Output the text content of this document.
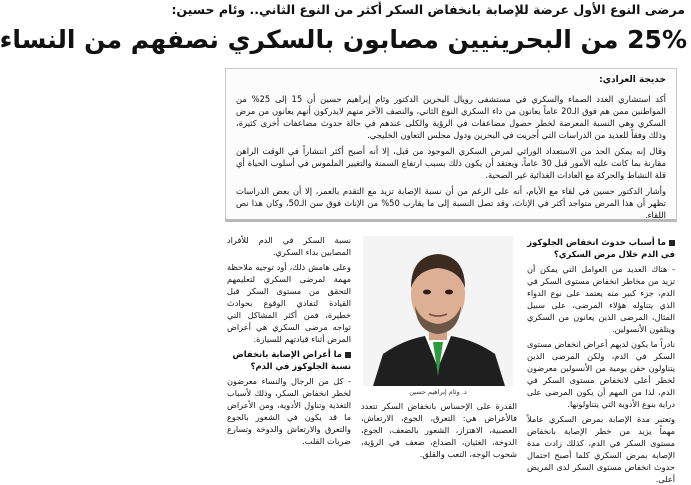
مرضى النوع الأول عرضة للإصابة بانخفاض السكر أكثر من النوع الثاني.. وئام حسين:
25% من البحرينيين مصابون بالسكري نصفهم من النساء
خديجة العرادي:

أكد استشاري الغدد الصماء والسكري في مستشفى رويال البحرين الدكتور وئام إبراهيم حسين أن 15 إلى 25% من المواطنين ممن هم فوق الـ20 عاماً يعانون من داء السكري النوع الثاني، والنصف الآخر منهم لايدركون أنهم يعانون من مرض السكري وهي النسبة المعرضة لخطر حصول مضاعفات في الرؤية والكلى عندهم في حالة حدوث مضاعفات أخرى كثيرة، وذلك وفقاً للعديد من الدراسات التي أجريت في البحرين ودول مجلس التعاون الخليجي.

وقال إنه يمكن الحد من الاستعداد الوراثي لمرض السكري الموجود من قبل، إلا أنه أصبح أكثر انتشاراً في الوقت الراهن مقارنة بما كانت عليه الأمور قبل 30 عاماً، ويعتقد أن يكون ذلك بسبب ارتفاع السمنة والتغيير الملموس في أسلوب الحياة أي قلة النشاط والحركة مع العادات الغذائية غير الصحية.

وأشار الدكتور حسين في لقاء مع الأيام، أنه على الرغم من أن نسبة الإصابة تزيد مع التقدم بالعمر، إلا أن بعض الدراسات تظهر أن هذا المرض متواجد أكثر في الإناث، وقد تصل النسبة إلى ما يقارب 50% من الإناث فوق سن الـ50، وكان هذا نص اللقاء.

ما أسباب حدوث انخفاض الجلوكوز في الدم خلال مرض السكري؟

- هناك العديد من العوامل التي يمكن أن تزيد من مخاطر انخفاض مستوى السكر في الدم، جزء كبير منه يعتمد على نوع الدواء الذي يتناوله هؤلاء المرضى، على سبيل المثال، المرضى الذين يعانون من السكري ويتلقون الأنسولين.

نادراً ما يكون لديهم أعراض انخفاض مستوى السكر في الدم، ولكن المرضى الذين يتناولون حقن يومية من الأنسولين معرضون لخطر أعلى لانخفاض مستوى السكر في الدم، لذا من المهم أن يكون المرضى على دراية بنوع الأدوية التي يتناولونها.

وتعتبر مدة الإصابة بمرض السكري عاملاً مهماً يزيد من خطر الإصابة بانخفاض مستوى السكر في الدم، كذلك زادت مدة الإصابة بمرض السكري كلما أصبح احتمال حدوث انخفاض مستوى السكر لدى المريض أعلى.

د. وئام إبراهيم حسين

القدرة على الإحساس بانخفاض السكر تتعدد فالأعراض هي: التعرق، الجوع، الارتعاش، العصبية، الاهتزاز، الشعور بالضعف، الجوع، الدوخة، الغثيان، الصداع، ضعف في الرؤية، شحوب الوجه، التعب والقلق.

نسبة السكر في الدم للأفراد المصابين بداء السكري.

وعلى هامش ذلك، أود توجيه ملاحظة مهمة لمرضى السكري لتعليمهم التحقق من مستوى السكر قبل القيادة لتفادي الوقوع بحوادث خطيرة، فمن أكثر المشاكل التي تواجه مرضى السكري هي أعراض المرض أثناء قيادتهم للسيارة.

ما أعراض الإصابة بانخفاض نسبة الجلوكوز في الدم؟

- كل من الرجال والنساء معرضون لخطر انخفاض السكر، وذلك لأسباب التغذية وتناول الأدوية، ومن الأعراض ما قد يكون في الشعور بالجوع والتعرق والارتعاش والدوخة وتسارع ضربات القلب.
